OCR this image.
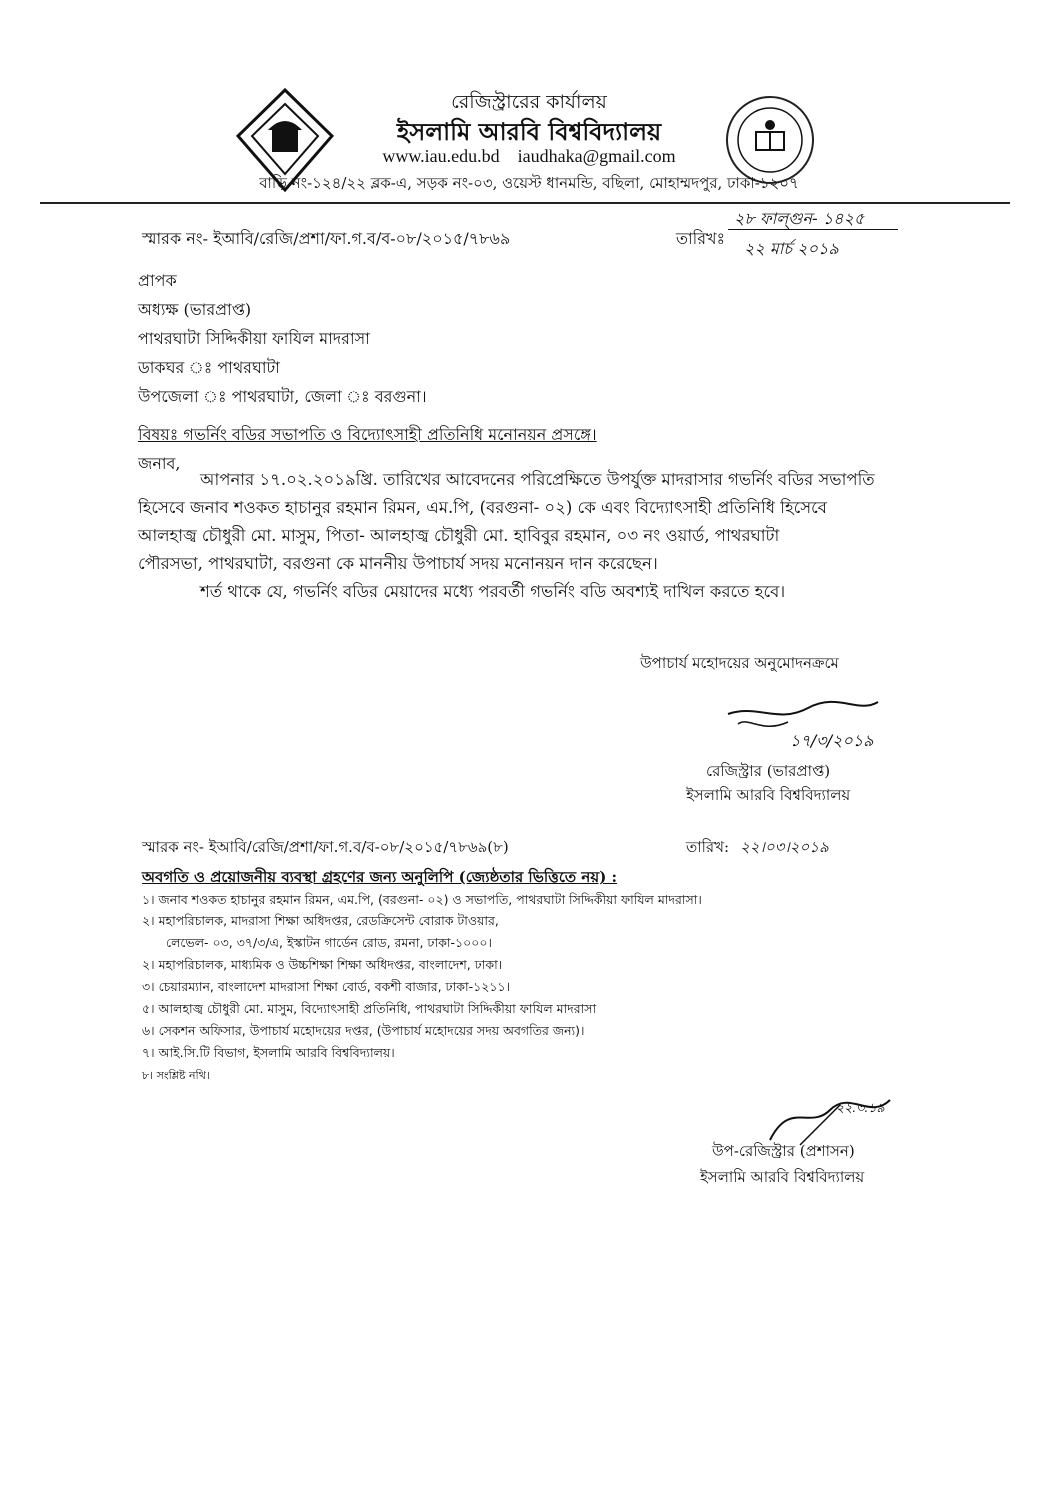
রেজিস্ট্রারের কার্যালয়
ইসলামি আরবি বিশ্ববিদ্যালয়
www.iau.edu.bd iaudhaka@gmail.com
বাড়ি নং-১২৪/২২ ব্লক-এ, সড়ক নং-০৩, ওয়েস্ট ধানমন্ডি, বছিলা, মোহাম্মদপুর, ঢাকা-১২০৭
স্মারক নং- ইআবি/রেজি/প্রশা/ফা.গ.ব/ব-০৮/২০১৫/৭৮৬৯	তারিখঃ
২৮ ফাল্গুন- ১৪২৫
২২ মার্চ ২০১৯
প্রাপক
অধ্যক্ষ (ভারপ্রাপ্ত)
পাথরঘাটা সিদ্দিকীয়া ফাযিল মাদরাসা
ডাকঘর ঃ পাথরঘাটা
উপজেলা ঃ পাথরঘাটা, জেলা ঃ বরগুনা।
বিষয়ঃ গভর্নিং বডির সভাপতি ও বিদ্যোৎসাহী প্রতিনিধি মনোনয়ন প্রসঙ্গে।
জনাব,
আপনার ১৭.০২.২০১৯খ্রি. তারিখের আবেদনের পরিপ্রেক্ষিতে উপর্যুক্ত মাদরাসার গভর্নিং বডির সভাপতি
হিসেবে জনাব শওকত হাচানুর রহমান রিমন, এম.পি, (বরগুনা- ০২) কে এবং বিদ্যোৎসাহী প্রতিনিধি হিসেবে
আলহাজ্ব চৌধুরী মো. মাসুম, পিতা- আলহাজ্ব চৌধুরী মো. হাবিবুর রহমান, ০৩ নং ওয়ার্ড, পাথরঘাটা
পৌরসভা, পাথরঘাটা, বরগুনা কে মাননীয় উপাচার্য সদয় মনোনয়ন দান করেছেন।
শর্ত থাকে যে, গভর্নিং বডির মেয়াদের মধ্যে পরবর্তী গভর্নিং বডি অবশ্যই দাখিল করতে হবে।
উপাচার্য মহোদয়ের অনুমোদনক্রমে
১৭/৩/২০১৯
রেজিস্ট্রার (ভারপ্রাপ্ত)
ইসলামি আরবি বিশ্ববিদ্যালয়
স্মারক নং- ইআবি/রেজি/প্রশা/ফা.গ.ব/ব-০৮/২০১৫/৭৮৬৯(৮)	তারিখ: ২২।০৩।২০১৯
অবগতি ও প্রয়োজনীয় ব্যবস্থা গ্রহণের জন্য অনুলিপি (জ্যেষ্ঠতার ভিত্তিতে নয়) :
১। জনাব শওকত হাচানুর রহমান রিমন, এম.পি, (বরগুনা- ০২) ও সভাপতি, পাথরঘাটা সিদ্দিকীয়া ফাযিল মাদরাসা।
২। মহাপরিচালক, মাদরাসা শিক্ষা অধিদপ্তর, রেডক্রিসেন্ট বোরাক টাওয়ার,
লেভেল- ০৩, ৩৭/৩/এ, ইস্কাটন গার্ডেন রোড, রমনা, ঢাকা-১০০০।
২। মহাপরিচালক, মাধ্যমিক ও উচ্চশিক্ষা শিক্ষা অধিদপ্তর, বাংলাদেশ, ঢাকা।
৩। চেয়ারম্যান, বাংলাদেশ মাদরাসা শিক্ষা বোর্ড, বকশী বাজার, ঢাকা-১২১১।
৫। আলহাজ্ব চৌধুরী মো. মাসুম, বিদ্যোৎসাহী প্রতিনিধি, পাথরঘাটা সিদ্দিকীয়া ফাযিল মাদরাসা
৬। সেকশন অফিসার, উপাচার্য মহোদয়ের দপ্তর, (উপাচার্য মহোদয়ের সদয় অবগতির জন্য)।
৭। আই.সি.টি বিভাগ, ইসলামি আরবি বিশ্ববিদ্যালয়।
৮। সংশ্লিষ্ট নথি।
২২.৩.১৯
উপ-রেজিস্ট্রার (প্রশাসন)
ইসলামি আরবি বিশ্ববিদ্যালয়
